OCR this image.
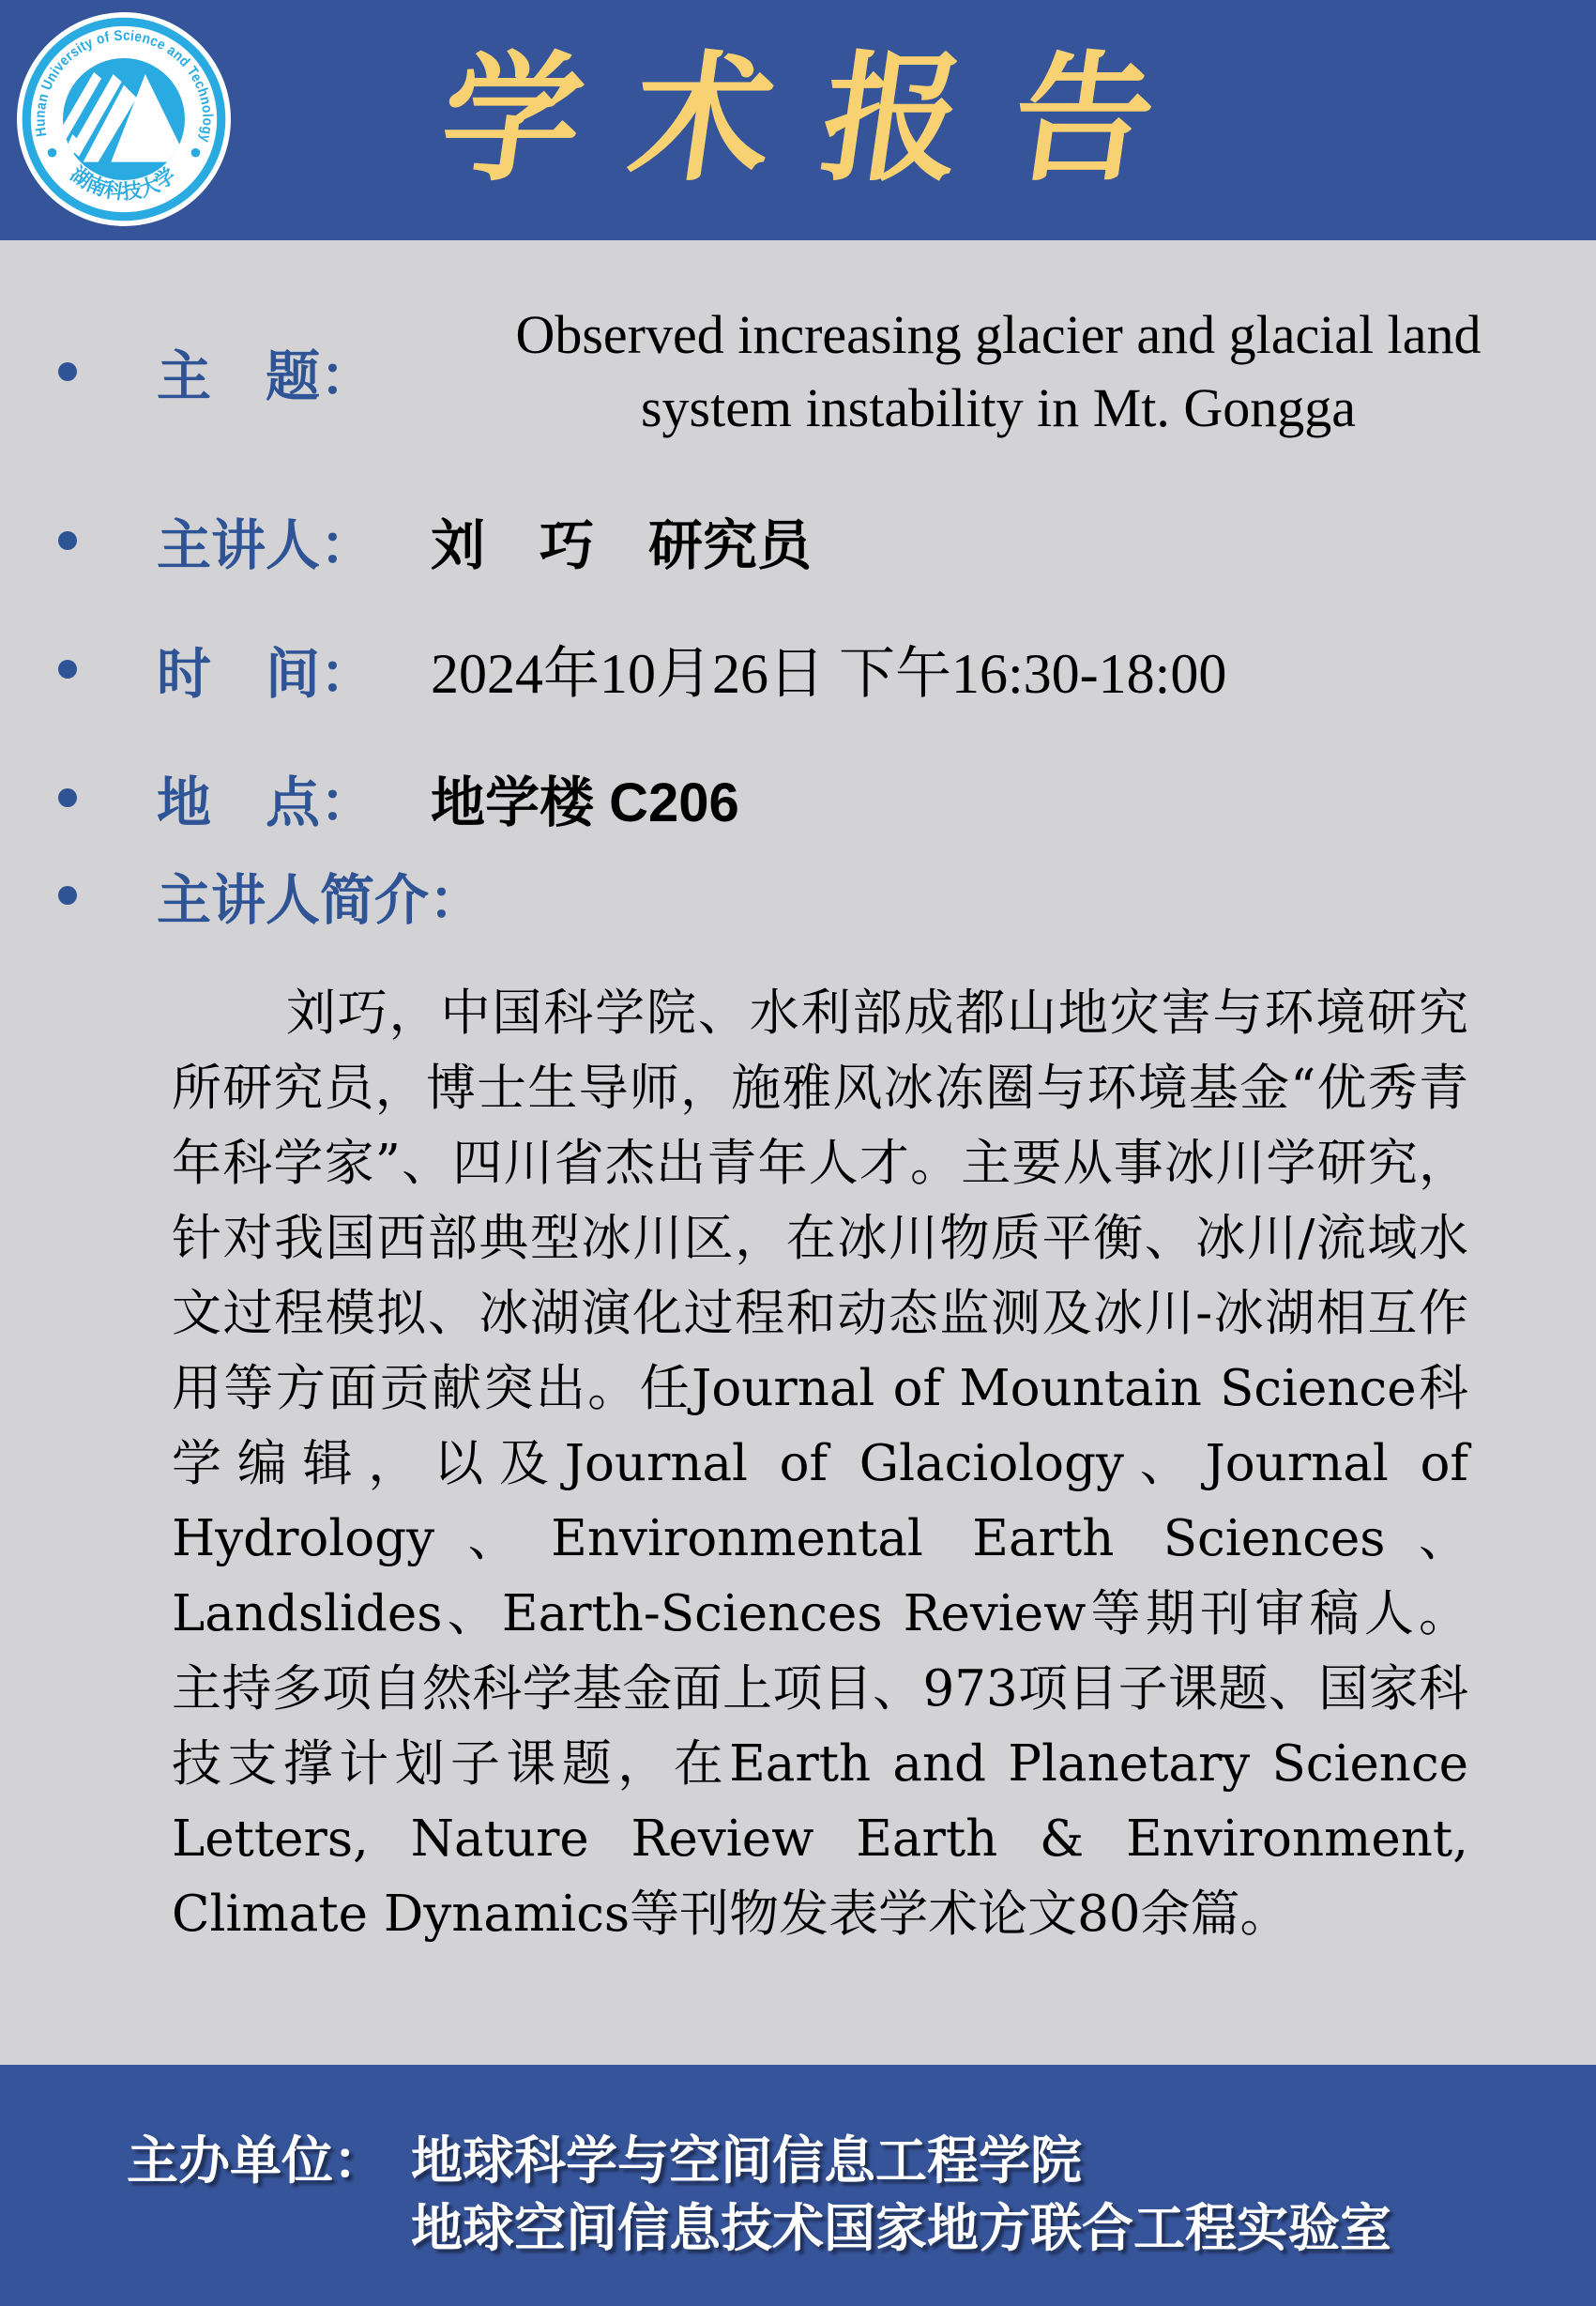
Hunan University of Science and Technology
湖南科技大学	学术报告
主　题：
Observed increasing glacier and glacial land
system instability in Mt. Gongga
主讲人：	刘　巧　研究员
时　间： 2024年10月26日 下午16:30-18:00
地　点：	地学楼 C206
主讲人简介：

刘巧，中国科学院、水利部成都山地灾害与环境研究所研究员，博士生导师，施雅风冰冻圈与环境基金“优秀青年科学家”、四川省杰出青年人才。主要从事冰川学研究，针对我国西部典型冰川区，在冰川物质平衡、冰川/流域水文过程模拟、冰湖演化过程和动态监测及冰川-冰湖相互作用等方面贡献突出。任Journal of Mountain Science科学编辑，以及Journal of Glaciology、Journal of Hydrology、Environmental Earth Sciences、Landslides、Earth-Sciences Review等期刊审稿人。主持多项自然科学基金面上项目、973项目子课题、国家科技支撑计划子课题，在Earth and Planetary Science Letters, Nature Review Earth & Environment, Climate Dynamics等刊物发表学术论文80余篇。

主办单位： 地球科学与空间信息工程学院
地球空间信息技术国家地方联合工程实验室
